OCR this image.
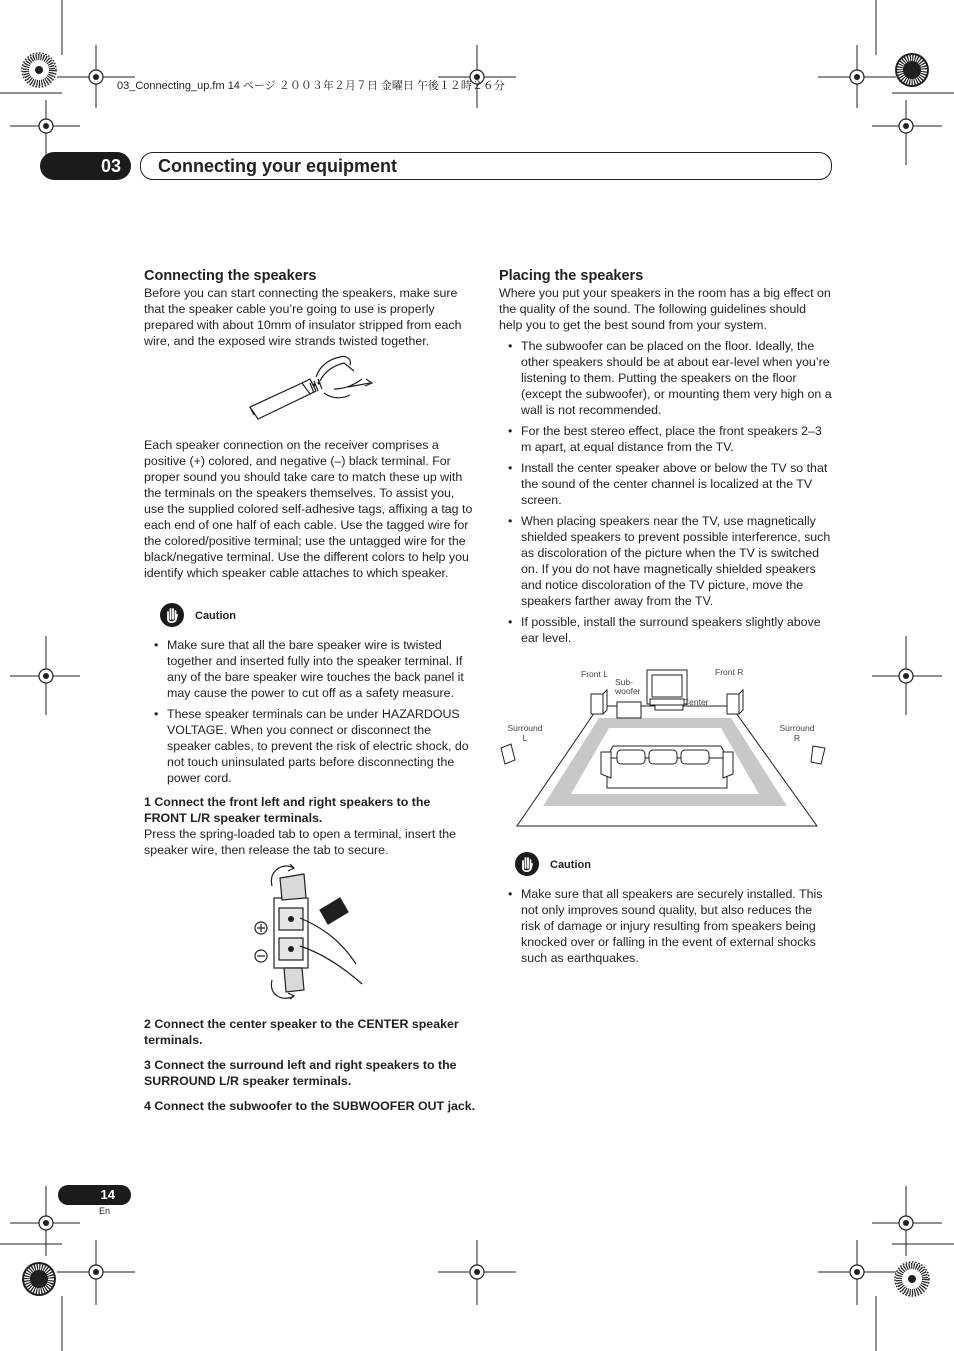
03_Connecting_up.fm 14 ページ ２００３年２月７日 金曜日 午後１２時２６分
03	Connecting your equipment
Connecting the speakers

Before you can start connecting the speakers, make sure that the speaker cable you’re going to use is properly prepared with about 10mm of insulator stripped from each wire, and the exposed wire strands twisted together.

Each speaker connection on the receiver comprises a positive (+) colored, and negative (–) black terminal. For proper sound you should take care to match these up with the terminals on the speakers themselves. To assist you, use the supplied colored self-adhesive tags, affixing a tag to each end of one half of each cable. Use the tagged wire for the colored/positive terminal; use the untagged wire for the black/negative terminal. Use the different colors to help you identify which speaker cable attaches to which speaker.

Caution
• Make sure that all the bare speaker wire is twisted together and inserted fully into the speaker terminal. If any of the bare speaker wire touches the back panel it may cause the power to cut off as a safety measure.
• These speaker terminals can be under HAZARDOUS VOLTAGE. When you connect or disconnect the speaker cables, to prevent the risk of electric shock, do not touch uninsulated parts before disconnecting the power cord.

1 Connect the front left and right speakers to the FRONT L/R speaker terminals.

Press the spring-loaded tab to open a terminal, insert the speaker wire, then release the tab to secure.

+
−

2 Connect the center speaker to the CENTER speaker terminals.

3 Connect the surround left and right speakers to the SURROUND L/R speaker terminals.

4 Connect the subwoofer to the SUBWOOFER OUT jack.

Placing the speakers

Where you put your speakers in the room has a big effect on the quality of the sound. The following guidelines should help you to get the best sound from your system.

• The subwoofer can be placed on the floor. Ideally, the other speakers should be at about ear-level when you’re listening to them. Putting the speakers on the floor (except the subwoofer), or mounting them very high on a wall is not recommended.
• For the best stereo effect, place the front speakers 2–3 m apart, at equal distance from the TV.
• Install the center speaker above or below the TV so that the sound of the center channel is localized at the TV screen.
• When placing speakers near the TV, use magnetically shielded speakers to prevent possible interference, such as discoloration of the picture when the TV is switched on. If you do not have magnetically shielded speakers and notice discoloration of the TV picture, move the speakers farther away from the TV.
• If possible, install the surround speakers slightly above ear level.
Front L
Sub-
woofer
Front R
Center
Surround
L
Surround
R
Caution
• Make sure that all speakers are securely installed. This not only improves sound quality, but also reduces the risk of damage or injury resulting from speakers being knocked over or falling in the event of external shocks such as earthquakes.
14
En
